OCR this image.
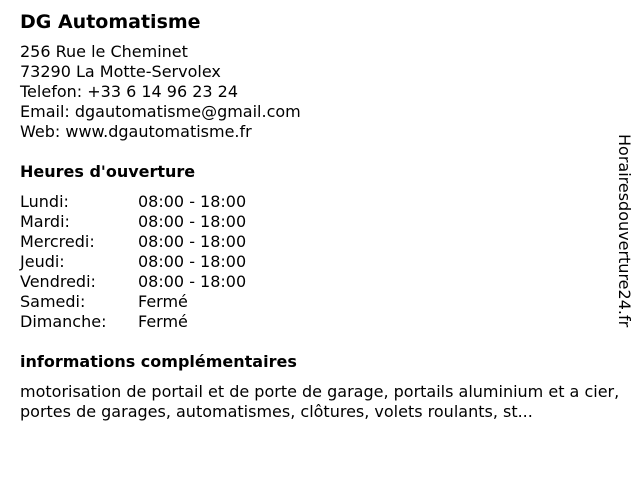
DG Automatisme
256 Rue le Cheminet
73290 La Motte-Servolex
Telefon: +33 6 14 96 23 24
Email: dgautomatisme@gmail.com
Web: www.dgautomatisme.fr
Heures d'ouverture
Lundi:	08:00 - 18:00
Mardi:	08:00 - 18:00
Mercredi:	08:00 - 18:00
Jeudi:	08:00 - 18:00
Vendredi:	08:00 - 18:00
Samedi:	Fermé
Dimanche:	Fermé
informations complémentaires
motorisation de portail et de porte de garage, portails aluminium et a cier, portes de garages, automatismes, clôtures, volets roulants, st...
Horairesdouverture24.fr
